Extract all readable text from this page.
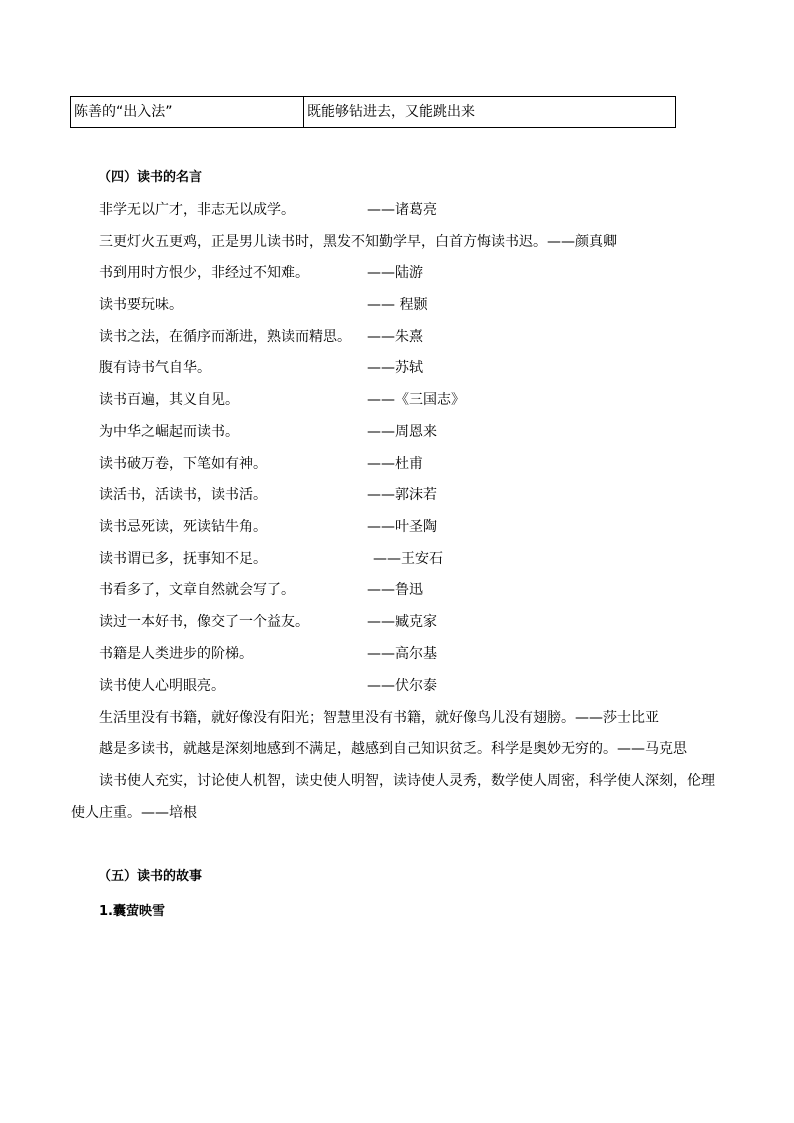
陈善的“出入法”	既能够钻进去，又能跳出来
（四）读书的名言
非学无以广才，非志无以成学。	——诸葛亮
三更灯火五更鸡，正是男儿读书时，黑发不知勤学早，白首方悔读书迟。——颜真卿
书到用时方恨少，非经过不知难。	——陆游
读书要玩味。	—— 程颢
读书之法，在循序而渐进，熟读而精思。 ——朱熹
腹有诗书气自华。	——苏轼
读书百遍，其义自见。	——《三国志》
为中华之崛起而读书。	——周恩来
读书破万卷，下笔如有神。	——杜甫
读活书，活读书，读书活。	——郭沫若
读书忌死读，死读钻牛角。	——叶圣陶
读书谓已多，抚事知不足。	——王安石
书看多了，文章自然就会写了。	——鲁迅
读过一本好书，像交了一个益友。	——臧克家
书籍是人类进步的阶梯。	——高尔基
读书使人心明眼亮。	——伏尔泰
生活里没有书籍，就好像没有阳光；智慧里没有书籍，就好像鸟儿没有翅膀。——莎士比亚
越是多读书，就越是深刻地感到不满足，越感到自己知识贫乏。科学是奥妙无穷的。——马克思
读书使人充实，讨论使人机智，读史使人明智，读诗使人灵秀，数学使人周密，科学使人深刻，伦理
使人庄重。——培根
（五）读书的故事
1.囊萤映雪
